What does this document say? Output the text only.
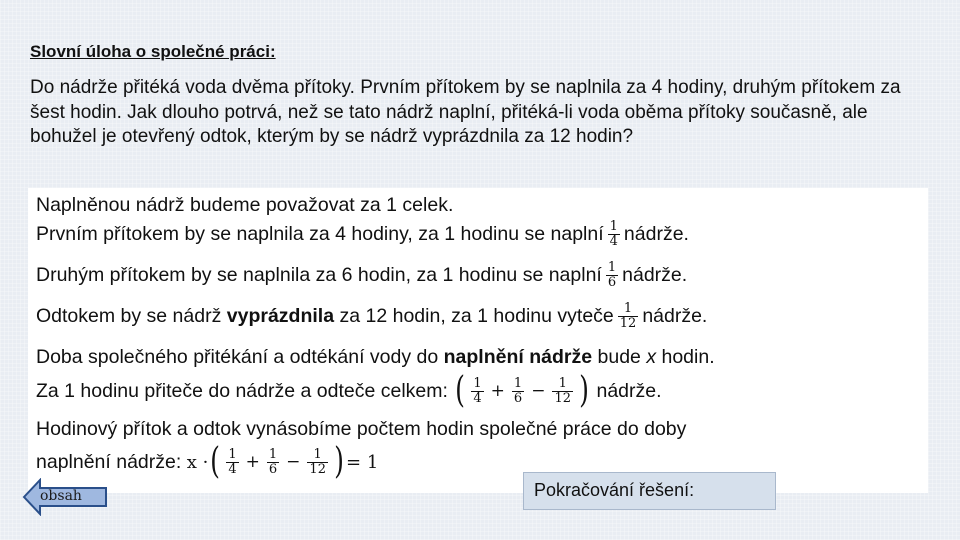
Slovní úloha o společné práci:
Do nádrže přitéká voda dvěma přítoky. Prvním přítokem by se naplnila za 4 hodiny, druhým přítokem za šest hodin. Jak dlouho potrvá, než se tato nádrž naplní, přitéká-li voda oběma přítoky současně, ale bohužel je otevřený odtok, kterým by se nádrž vyprázdnila za 12 hodin?
Naplněnou nádrž budeme považovat za 1 celek.
Prvním přítokem by se naplnila za 4 hodiny, za 1 hodinu se naplní $\frac{1}{4}$ nádrže.
Druhým přítokem by se naplnila za 6 hodin, za 1 hodinu se naplní $\frac{1}{6}$ nádrže.
Odtokem by se nádrž
vyprázdnila
za 12 hodin, za 1 hodinu vyteče $\frac{1}{12}$ nádrže.
Doba společného přitékání a odtékání vody do
naplnění nádrže
bude
x
hodin.
Za 1 hodinu přiteče do nádrže a odteče celkem:
( $\frac{1}{4} + \frac{1}{6} - \frac{1}{12}$ )
nádrže.
Hodinový přítok a odtok vynásobíme počtem hodin společné práce do doby
naplnění nádrže:
x · ( $\frac{1}{4} + \frac{1}{6} - \frac{1}{12}$ ) = 1
obsah	Pokračování řešení:
